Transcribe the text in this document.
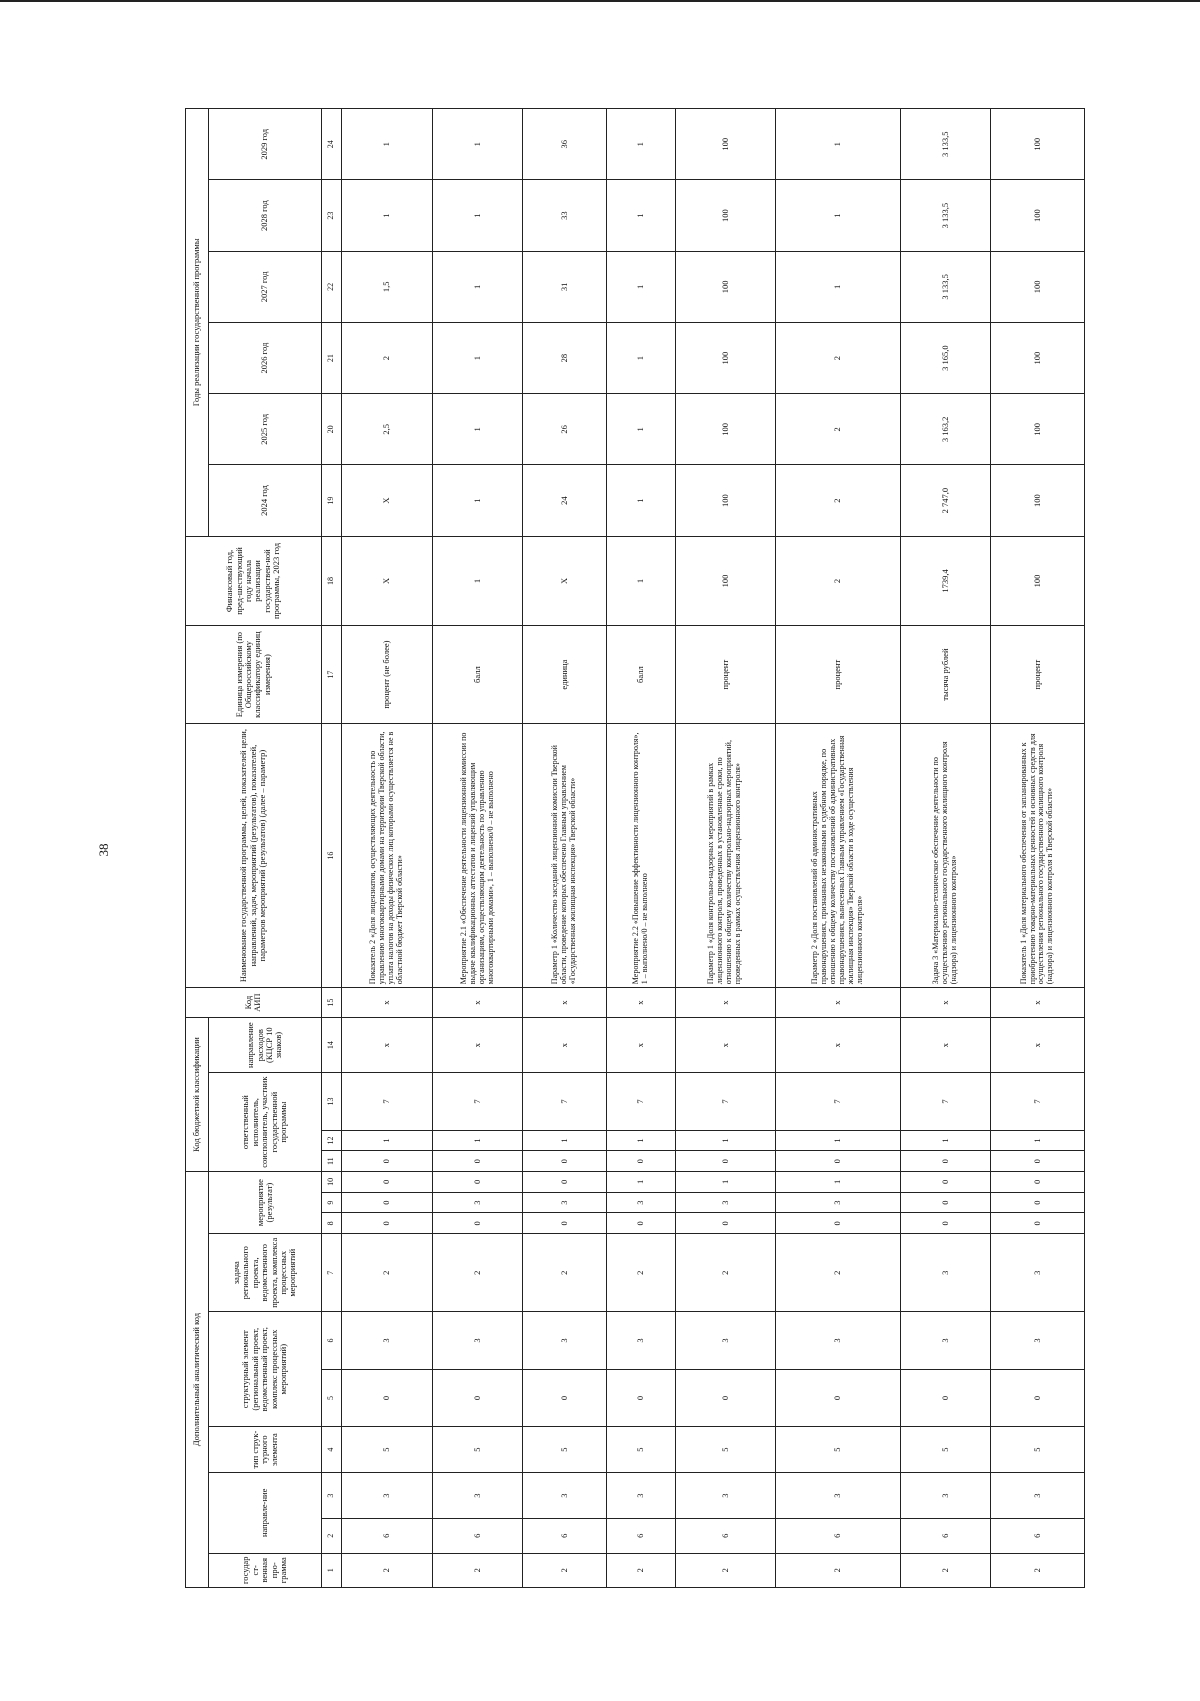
38
Дополнительный аналитический код										Код бюджетной классификации				Код АИП	Наименование государственной программы, целей, показателей цели, направлений, задач, мероприятий (результатов), показателей, параметров мероприятий (результатов) (далее – параметр)	Единица измерения (по Общероссийскому классификатору единиц измерения)	Финансовый год, пред-шествующий году начала реализации государствен-ной программы, 2023 год	Годы реализации государственной программы					
государст-венная про-грамма	направле-ние		тип струк-турного элемента	структурный элемент (региональный проект, ведомственный проект, комплекс процессных мероприятий)		задача регионального проекта, ведомственного проекта, комплекса процессных мероприятий	мероприятие (результат)			ответственный исполнитель, соисполнитель, участник государственной программы			направление расходов (КЦСР 10 знаков)					2024 год	2025 год	2026 год	2027 год	2028 год	2029 год
1	2	3	4	5	6	7	8	9	10	11	12	13	14	15	16	17	18	19	20	21	22	23	24
2	6	3	5	0	3	2	0	0	0	0	1	7	х	х	Показатель 2 «Доля лицензиатов, осуществляющих деятельность по управлению многоквартирными домами на территории Тверской области, уплата налогов на доходы физических лиц которыми осуществляется не в областной бюджет Тверской области»	процент (не более)	Х	Х	2,5	2	1,5	1	1
2	6	3	5	0	3	2	0	3	0	0	1	7	х	х	Мероприятие 2.1 «Обеспечение деятельности лицензионной комиссии по выдаче квалификационных аттестатов и лицензий управляющим организациям, осуществляющим деятельность по управлению многоквартирными домами», 1 – выполнено/0 – не выполнено	балл	1	1	1	1	1	1	1
2	6	3	5	0	3	2	0	3	0	0	1	7	х	х	Параметр 1 «Количество заседаний лицензионной комиссии Тверской области, проведение которых обеспечено Главным управлением «Государственная жилищная инспекция» Тверской области»	единица	Х	24	26	28	31	33	36
2	6	3	5	0	3	2	0	3	1	0	1	7	х	х	Мероприятие 2.2 «Повышение эффективности лицензионного контроля», 1 – выполнено/0 – не выполнено	балл	1	1	1	1	1	1	1
2	6	3	5	0	3	2	0	3	1	0	1	7	х	х	Параметр 1 «Доля контрольно-надзорных мероприятий в рамках лицензионного контроля, проведенных в установленные сроки, по отношению к общему количеству контрольно-надзорных мероприятий, проведенных в рамках осуществления лицензионного контроля»	процент	100	100	100	100	100	100	100
2	6	3	5	0	3	2	0	3	1	0	1	7	х	х	Параметр 2 «Доля постановлений об административных правонарушениях, признанных незаконными в судебном порядке, по отношению к общему количеству постановлений об административных правонарушениях, вынесенных Главным управлением «Государственная жилищная инспекция» Тверской области в ходе осуществления лицензионного контроля»	процент	2	2	2	2	1	1	1
2	6	3	5	0	3	3	0	0	0	0	1	7	х	х	Задача 3 «Материально-техническое обеспечение деятельности по осуществлению регионального государственного жилищного контроля (надзора) и лицензионного контроля»	тысяча рублей	1739,4	2 747,0	3 163,2	3 165,0	3 133,5	3 133,5	3 133,5
2	6	3	5	0	3	3	0	0	0	0	1	7	х	х	Показатель 1 «Доля материального обеспечения от запланированных к приобретению товарно-материальных ценностей и основных средств для осуществления регионального государственного жилищного контроля (надзора) и лицензионного контроля в Тверской области»	процент	100	100	100	100	100	100	100
